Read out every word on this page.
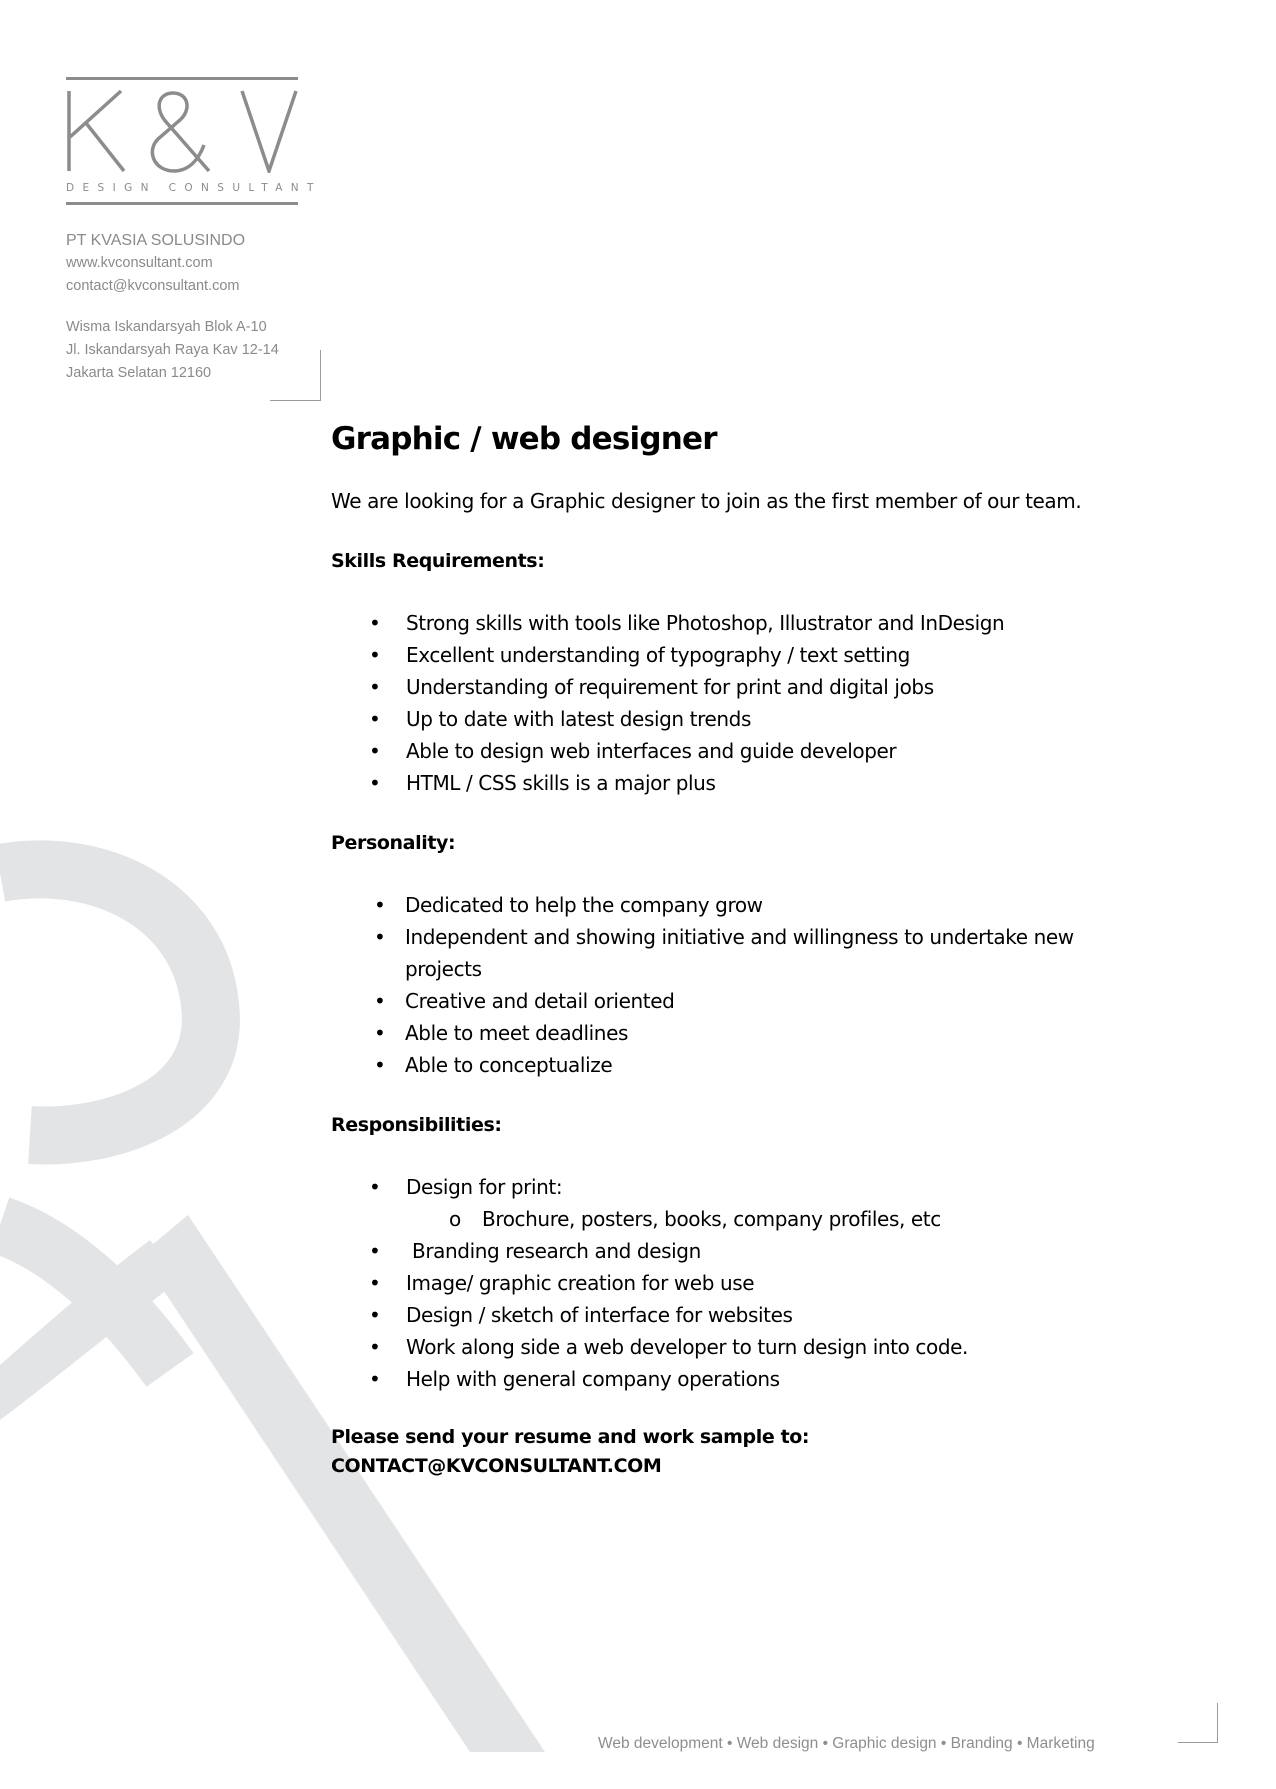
DESIGN CONSULTANT
PT KVASIA SOLUSINDO
www.kvconsultant.com
contact@kvconsultant.com
Wisma Iskandarsyah Blok A-10
Jl. Iskandarsyah Raya Kav 12-14
Jakarta Selatan 12160
Graphic / web designer

We are looking for a Graphic designer to join as the first member of our team.

Skills Requirements:
• Strong skills with tools like Photoshop, Illustrator and InDesign
• Excellent understanding of typography / text setting
• Understanding of requirement for print and digital jobs
• Up to date with latest design trends
• Able to design web interfaces and guide developer
• HTML / CSS skills is a major plus
Personality:
• Dedicated to help the company grow
• Independent and showing initiative and willingness to undertake new projects
• Creative and detail oriented
• Able to meet deadlines
• Able to conceptualize
Responsibilities:
• Design for print:
o Brochure, posters, books, company profiles, etc
• Branding research and design
• Image/ graphic creation for web use
• Design / sketch of interface for websites
• Work along side a web developer to turn design into code.
• Help with general company operations
Please send your resume and work sample to:
CONTACT@KVCONSULTANT.COM
Web development • Web design • Graphic design • Branding • Marketing
